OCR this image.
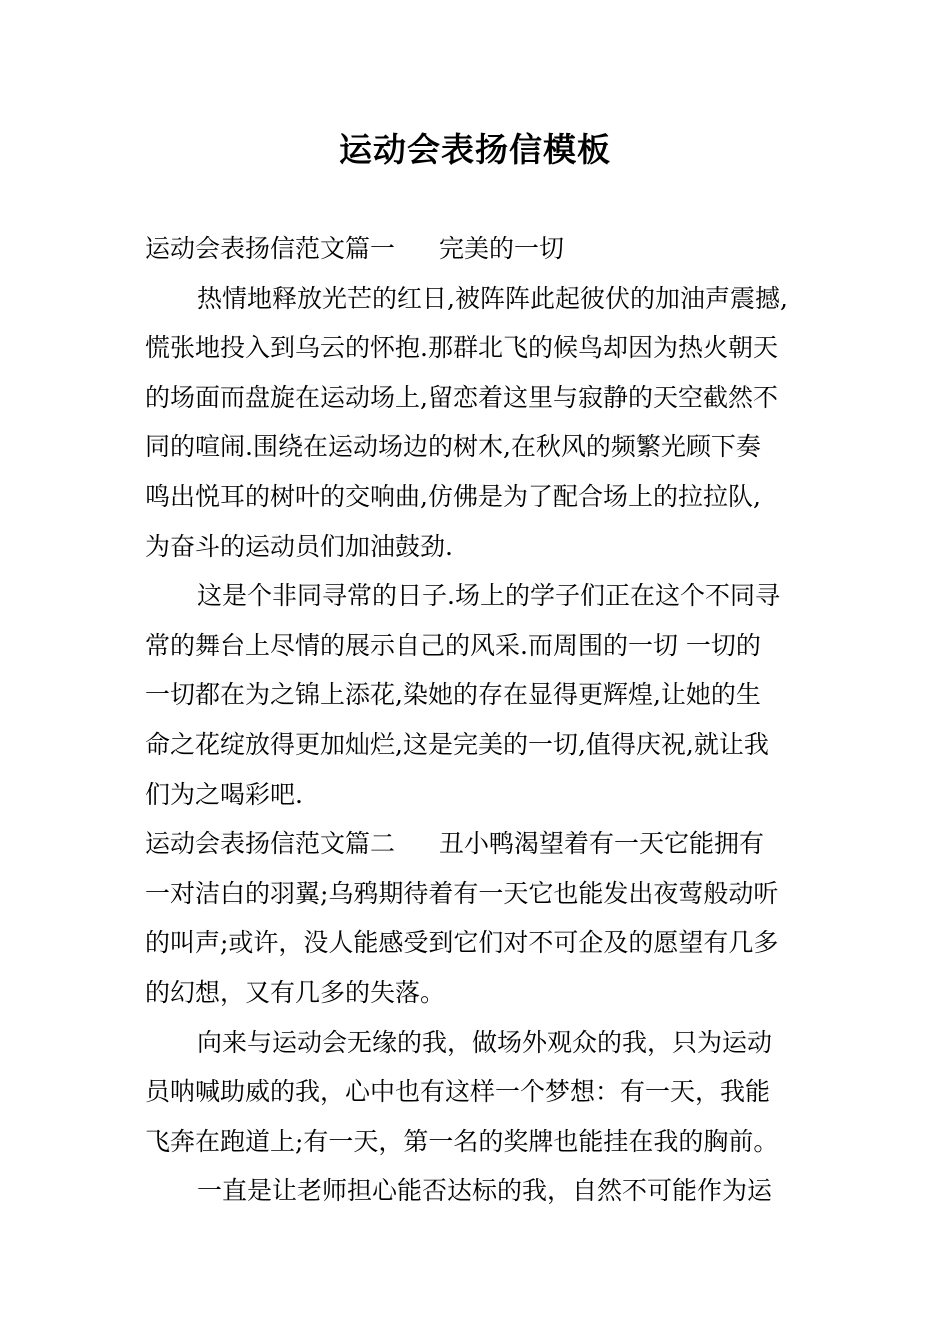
运动会表扬信模板
运动会表扬信范文篇一 完美的一切
热情地释放光芒的红日,被阵阵此起彼伏的加油声震撼,
慌张地投入到乌云的怀抱.那群北飞的候鸟却因为热火朝天
的场面而盘旋在运动场上,留恋着这里与寂静的天空截然不
同的喧闹.围绕在运动场边的树木,在秋风的频繁光顾下奏
鸣出悦耳的树叶的交响曲,仿佛是为了配合场上的拉拉队,
为奋斗的运动员们加油鼓劲.
这是个非同寻常的日子.场上的学子们正在这个不同寻
常的舞台上尽情的展示自己的风采.而周围的一切 一切的
一切都在为之锦上添花,染她的存在显得更辉煌,让她的生
命之花绽放得更加灿烂,这是完美的一切,值得庆祝,就让我
们为之喝彩吧.
运动会表扬信范文篇二 丑小鸭渴望着有一天它能拥有
一对洁白的羽翼;乌鸦期待着有一天它也能发出夜莺般动听
的叫声;或许，没人能感受到它们对不可企及的愿望有几多
的幻想，又有几多的失落。
向来与运动会无缘的我，做场外观众的我，只为运动
员呐喊助威的我，心中也有这样一个梦想：有一天，我能
飞奔在跑道上;有一天，第一名的奖牌也能挂在我的胸前。
一直是让老师担心能否达标的我，自然不可能作为运
